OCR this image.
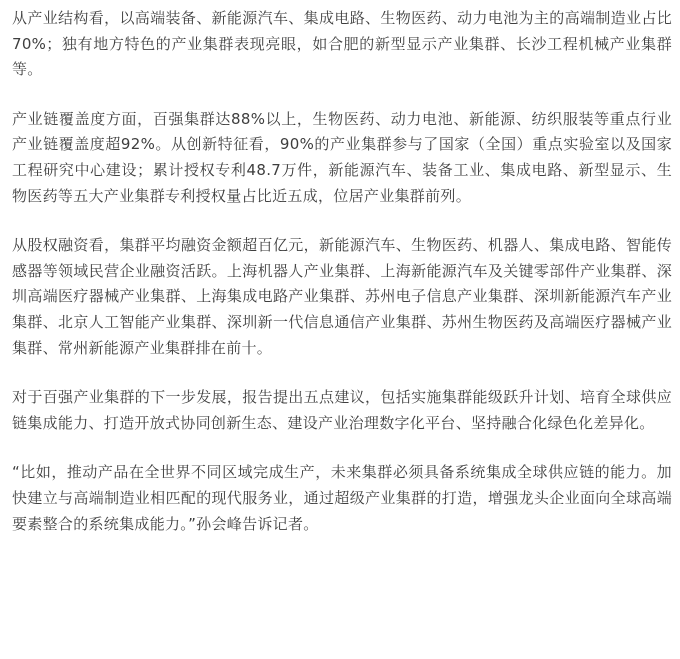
从产业结构看，以高端装备、新能源汽车、集成电路、生物医药、动力电池为主的高端制造业占比70%；独有地方特色的产业集群表现亮眼，如合肥的新型显示产业集群、长沙工程机械产业集群等。

产业链覆盖度方面，百强集群达88%以上，生物医药、动力电池、新能源、纺织服装等重点行业产业链覆盖度超92%。从创新特征看，90%的产业集群参与了国家（全国）重点实验室以及国家工程研究中心建设；累计授权专利48.7万件，新能源汽车、装备工业、集成电路、新型显示、生物医药等五大产业集群专利授权量占比近五成，位居产业集群前列。

从股权融资看，集群平均融资金额超百亿元，新能源汽车、生物医药、机器人、集成电路、智能传感器等领域民营企业融资活跃。上海机器人产业集群、上海新能源汽车及关键零部件产业集群、深圳高端医疗器械产业集群、上海集成电路产业集群、苏州电子信息产业集群、深圳新能源汽车产业集群、北京人工智能产业集群、深圳新一代信息通信产业集群、苏州生物医药及高端医疗器械产业集群、常州新能源产业集群排在前十。

对于百强产业集群的下一步发展，报告提出五点建议，包括实施集群能级跃升计划、培育全球供应链集成能力、打造开放式协同创新生态、建设产业治理数字化平台、坚持融合化绿色化差异化。

“比如，推动产品在全世界不同区域完成生产，未来集群必须具备系统集成全球供应链的能力。加快建立与高端制造业相匹配的现代服务业，通过超级产业集群的打造，增强龙头企业面向全球高端要素整合的系统集成能力。”孙会峰告诉记者。
